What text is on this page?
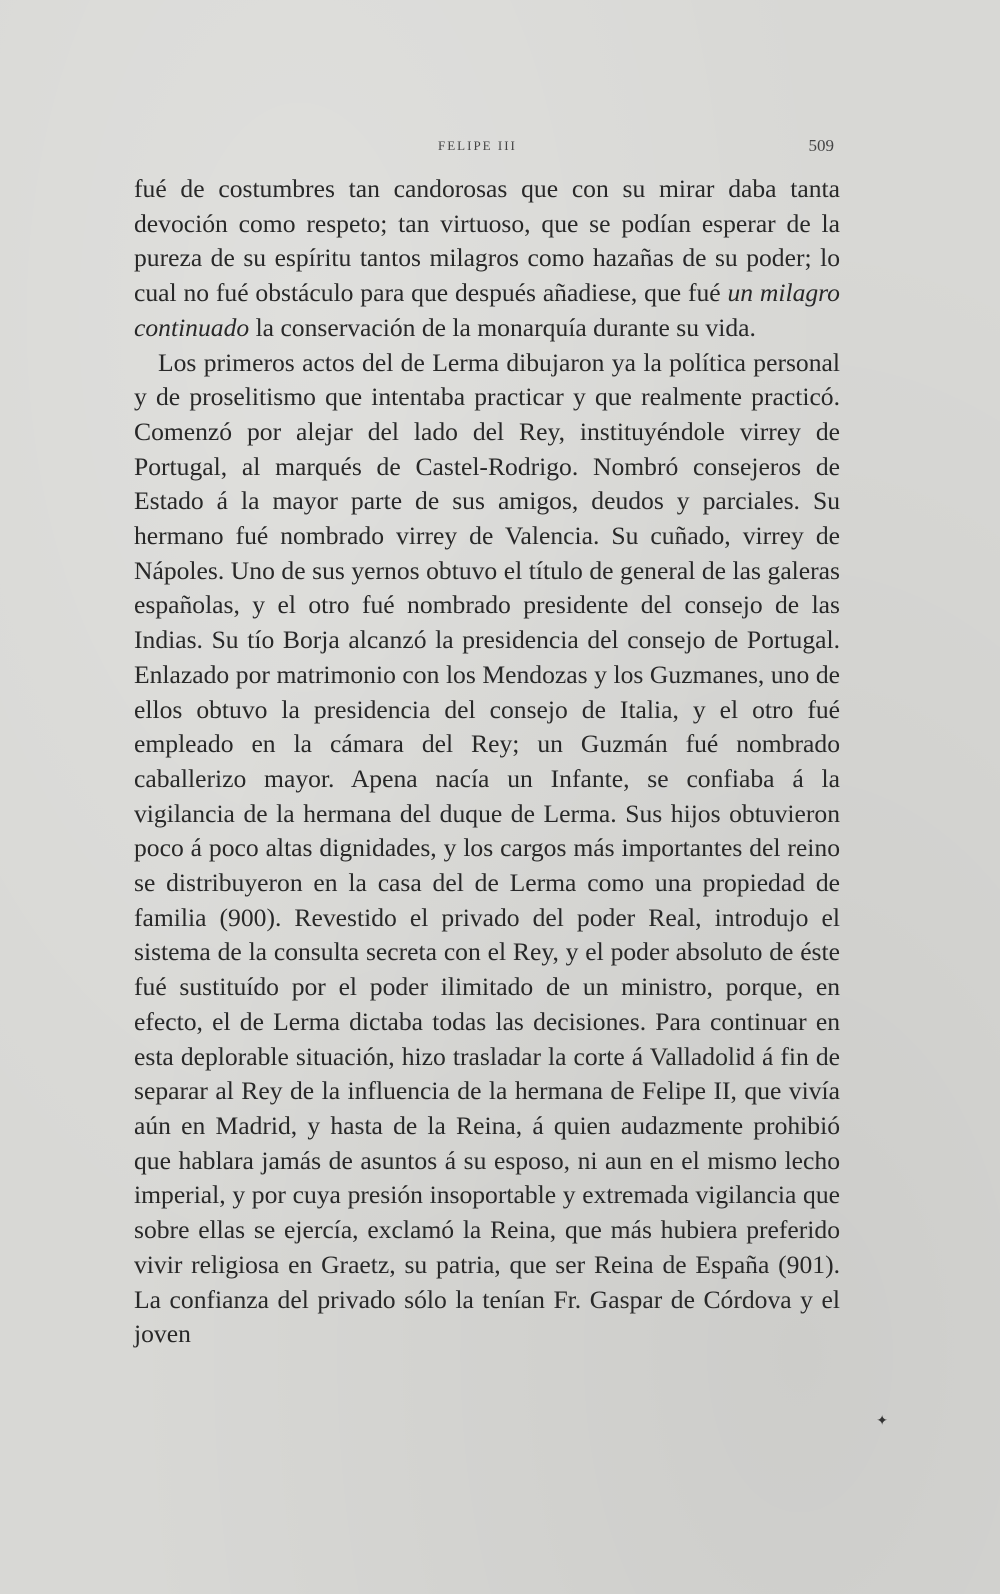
FELIPE III	509

fué de costumbres tan candorosas que con su mirar daba tanta devoción como respeto; tan virtuoso, que se podían esperar de la pureza de su espíritu tantos milagros como hazañas de su poder; lo cual no fué obstáculo para que después añadiese, que fué un milagro continuado la conservación de la monarquía durante su vida.

Los primeros actos del de Lerma dibujaron ya la política personal y de proselitismo que intentaba practicar y que realmente practicó. Comenzó por alejar del lado del Rey, instituyéndole virrey de Portugal, al marqués de Castel-Rodrigo. Nombró consejeros de Estado á la mayor parte de sus amigos, deudos y parciales. Su hermano fué nombrado virrey de Valencia. Su cuñado, virrey de Nápoles. Uno de sus yernos obtuvo el título de general de las galeras españolas, y el otro fué nombrado presidente del consejo de las Indias. Su tío Borja alcanzó la presidencia del consejo de Portugal. Enlazado por matrimonio con los Mendozas y los Guzmanes, uno de ellos obtuvo la presidencia del consejo de Italia, y el otro fué empleado en la cámara del Rey; un Guzmán fué nombrado caballerizo mayor. Apena nacía un Infante, se confiaba á la vigilancia de la hermana del duque de Lerma. Sus hijos obtuvieron poco á poco altas dignidades, y los cargos más importantes del reino se distribuyeron en la casa del de Lerma como una propiedad de familia (900). Revestido el privado del poder Real, introdujo el sistema de la consulta secreta con el Rey, y el poder absoluto de éste fué sustituído por el poder ilimitado de un ministro, porque, en efecto, el de Lerma dictaba todas las decisiones. Para continuar en esta deplorable situación, hizo trasladar la corte á Valladolid á fin de separar al Rey de la influencia de la hermana de Felipe II, que vivía aún en Madrid, y hasta de la Reina, á quien audazmente prohibió que hablara jamás de asuntos á su esposo, ni aun en el mismo lecho imperial, y por cuya presión insoportable y extremada vigilancia que sobre ellas se ejercía, exclamó la Reina, que más hubiera preferido vivir religiosa en Graetz, su patria, que ser Reina de España (901). La confianza del privado sólo la tenían Fr. Gaspar de Córdova y el joven

✦
